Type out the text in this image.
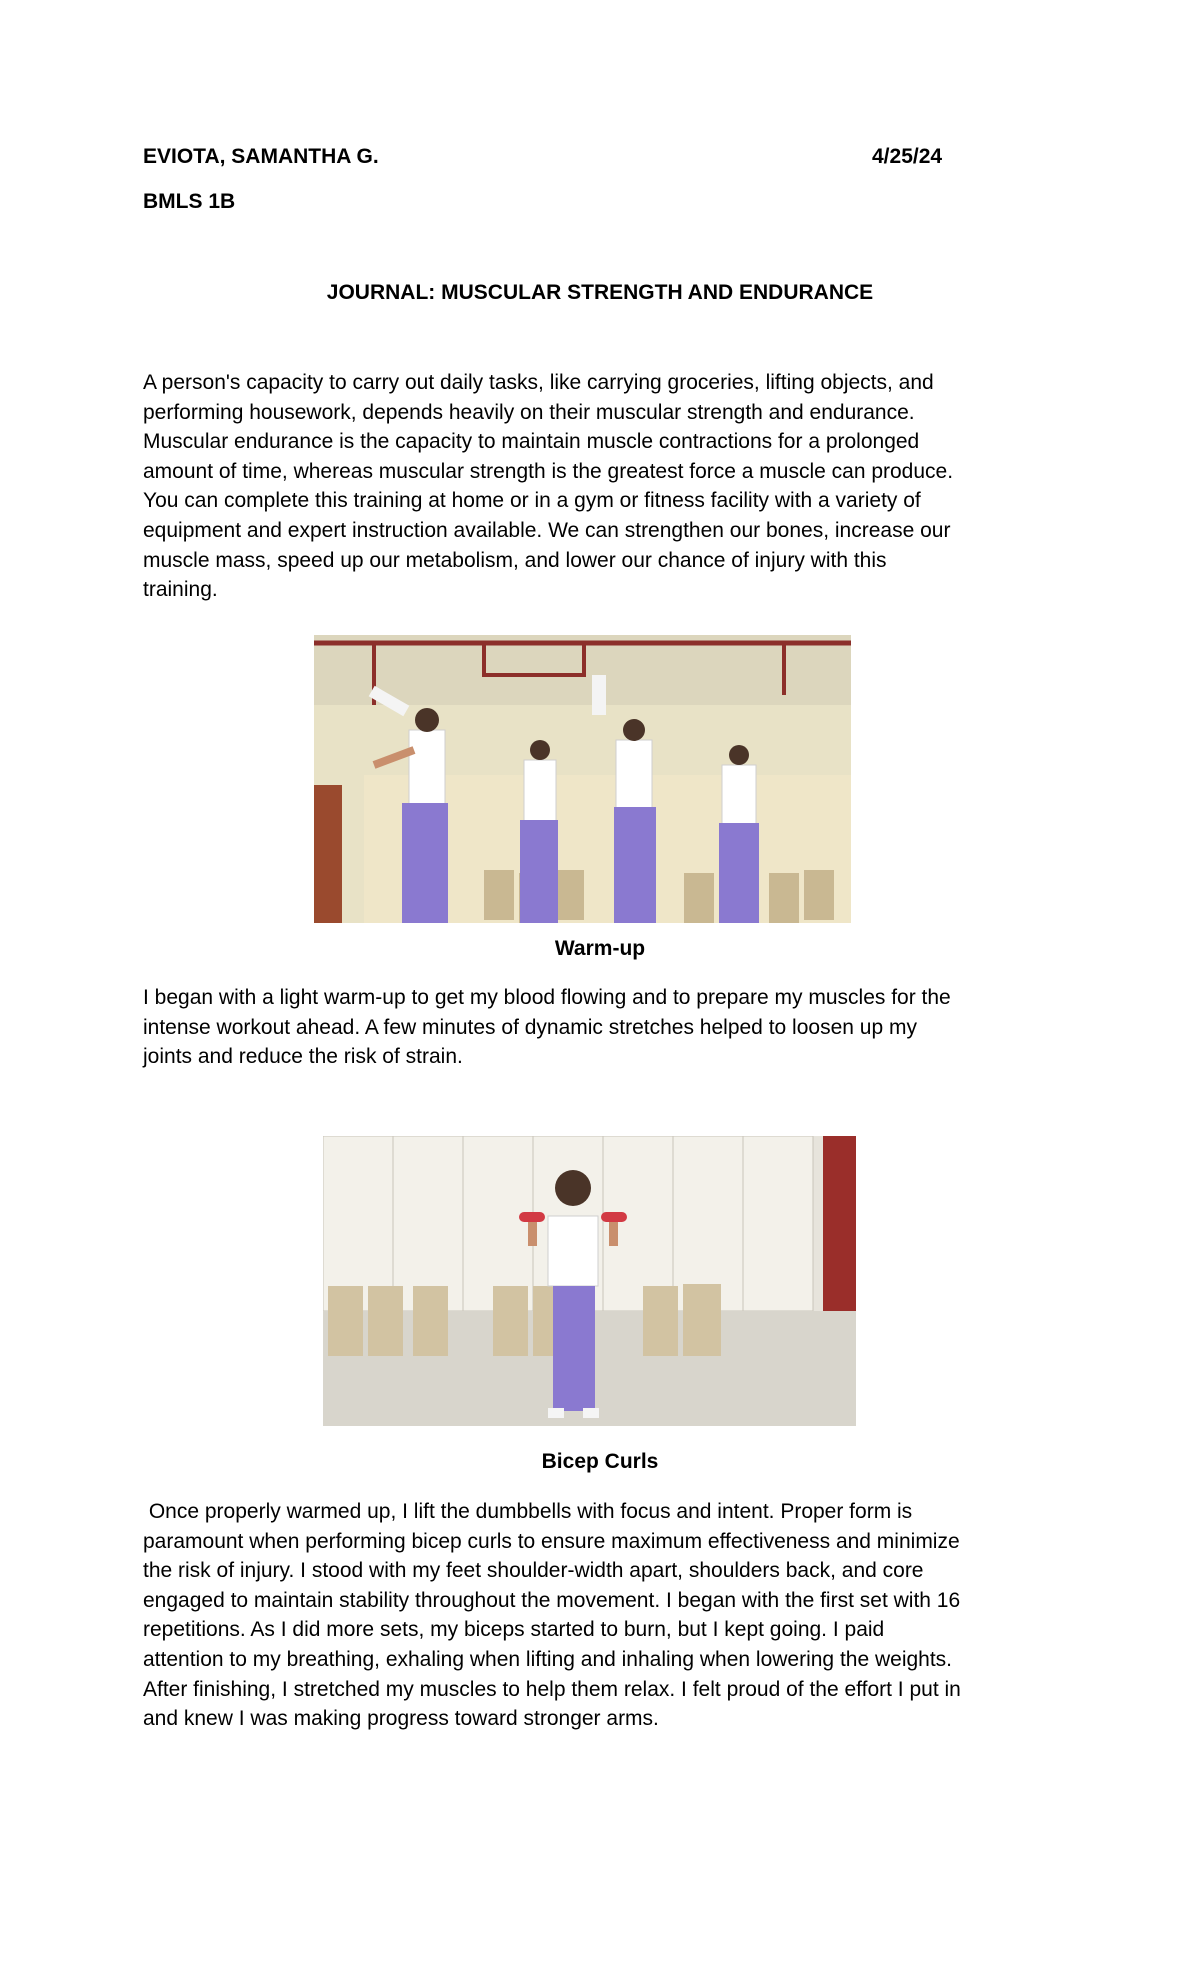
EVIOTA, SAMANTHA G.	4/25/24
BMLS 1B
JOURNAL: MUSCULAR STRENGTH AND ENDURANCE
A person's capacity to carry out daily tasks, like carrying groceries, lifting objects, and
performing housework, depends heavily on their muscular strength and endurance.
Muscular endurance is the capacity to maintain muscle contractions for a prolonged
amount of time, whereas muscular strength is the greatest force a muscle can produce.
You can complete this training at home or in a gym or fitness facility with a variety of
equipment and expert instruction available. We can strengthen our bones, increase our
muscle mass, speed up our metabolism, and lower our chance of injury with this
training.
Warm-up
I began with a light warm-up to get my blood flowing and to prepare my muscles for the
intense workout ahead. A few minutes of dynamic stretches helped to loosen up my
joints and reduce the risk of strain.
Bicep Curls
Once properly warmed up, I lift the dumbbells with focus and intent. Proper form is
paramount when performing bicep curls to ensure maximum effectiveness and minimize
the risk of injury. I stood with my feet shoulder-width apart, shoulders back, and core
engaged to maintain stability throughout the movement. I began with the first set with 16
repetitions. As I did more sets, my biceps started to burn, but I kept going. I paid
attention to my breathing, exhaling when lifting and inhaling when lowering the weights.
After finishing, I stretched my muscles to help them relax. I felt proud of the effort I put in
and knew I was making progress toward stronger arms.
